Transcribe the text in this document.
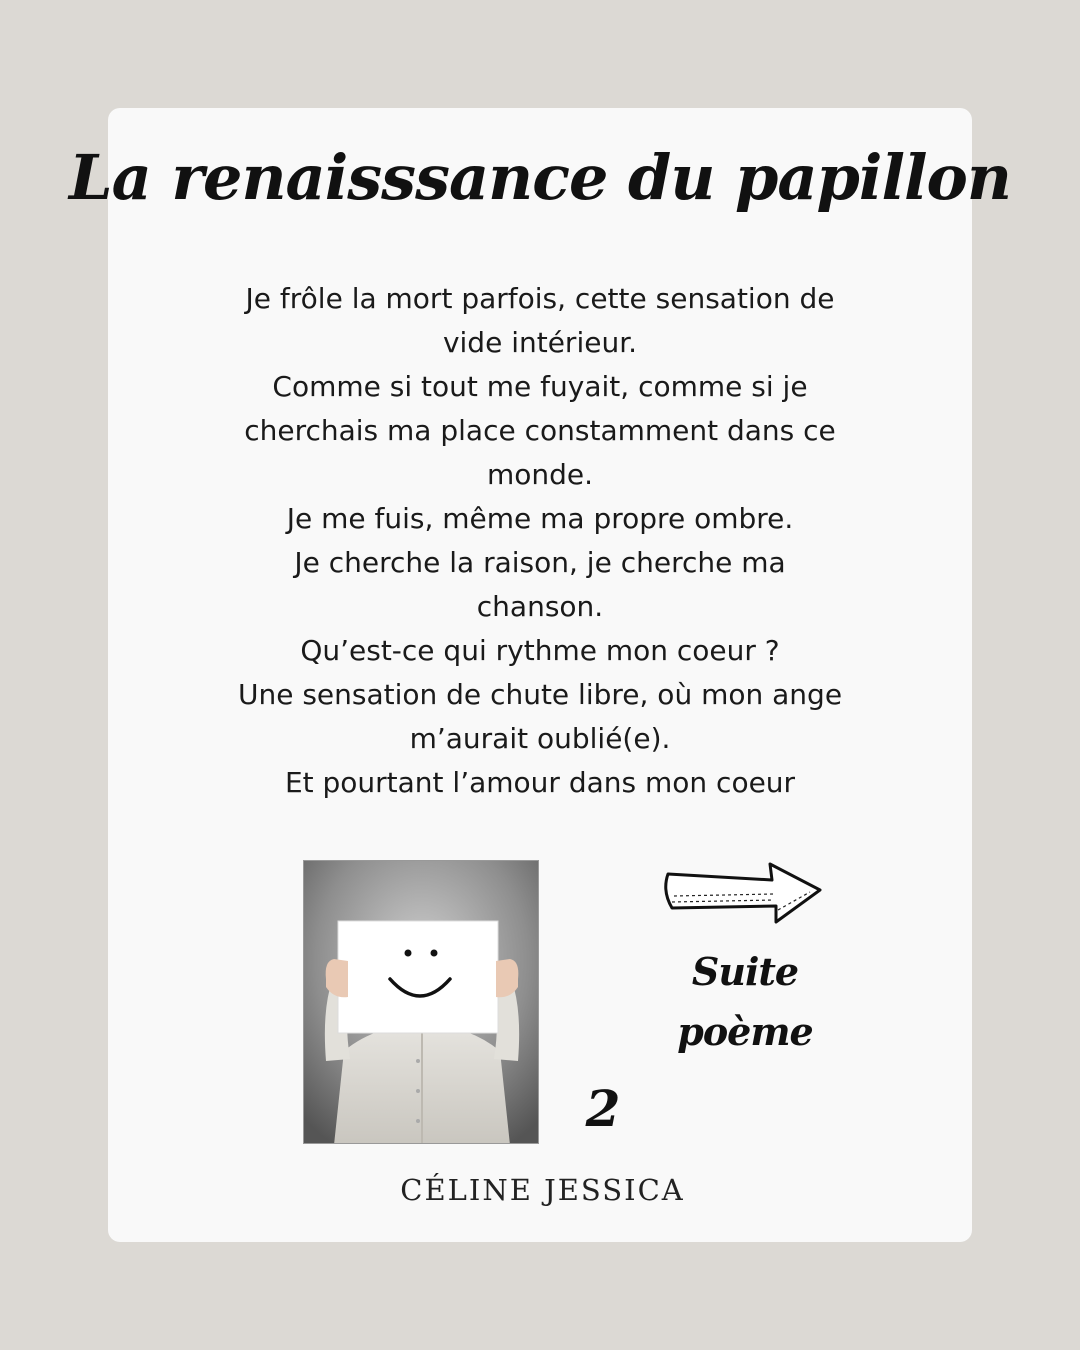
La renaisssance du papillon
Je frôle la mort parfois, cette sensation de
vide intérieur.
Comme si tout me fuyait, comme si je
cherchais ma place constamment dans ce
monde.
Je me fuis, même ma propre ombre.
Je cherche la raison, je cherche ma
chanson.
Qu’est-ce qui rythme mon coeur ?
Une sensation de chute libre, où mon ange
m’aurait oublié(e).
Et pourtant l’amour dans mon coeur
Suite poème
2
CÉLINE JESSICA
